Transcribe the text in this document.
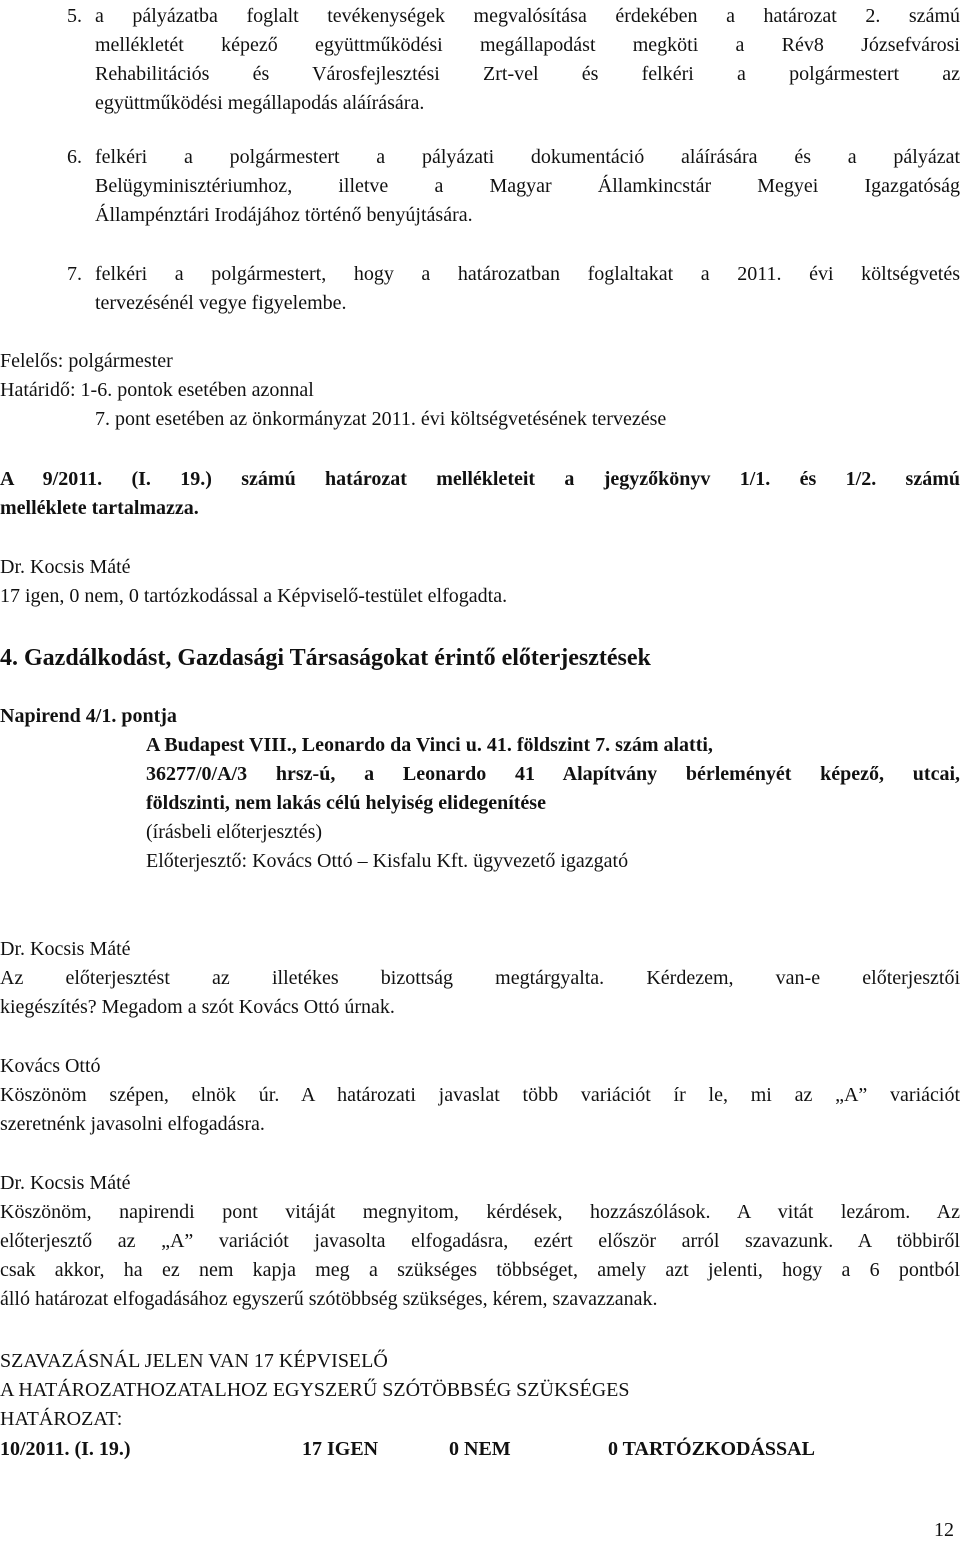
5. a pályázatba foglalt tevékenységek megvalósítása érdekében a határozat 2. számú
mellékletét képező együttműködési megállapodást megköti a Rév8 Józsefvárosi
Rehabilitációs és Városfejlesztési Zrt-vel és felkéri a polgármestert az
együttműködési megállapodás aláírására.
6. felkéri a polgármestert a pályázati dokumentáció aláírására és a pályázat
Belügyminisztériumhoz, illetve a Magyar Államkincstár Megyei Igazgatóság
Állampénztári Irodájához történő benyújtására.
7. felkéri a polgármestert, hogy a határozatban foglaltakat a 2011. évi költségvetés
tervezésénél vegye figyelembe.
Felelős: polgármester
Határidő: 1-6. pontok esetében azonnal
7. pont esetében az önkormányzat 2011. évi költségvetésének tervezése
A 9/2011. (I. 19.) számú határozat mellékleteit a jegyzőkönyv 1/1. és 1/2. számú
melléklete tartalmazza.
Dr. Kocsis Máté
17 igen, 0 nem, 0 tartózkodással a Képviselő-testület elfogadta.
4. Gazdálkodást, Gazdasági Társaságokat érintő előterjesztések
Napirend 4/1. pontja
A Budapest VIII., Leonardo da Vinci u. 41. földszint 7. szám alatti,
36277/0/A/3 hrsz-ú, a Leonardo 41 Alapítvány bérleményét képező, utcai,
földszinti, nem lakás célú helyiség elidegenítése
(írásbeli előterjesztés)
Előterjesztő: Kovács Ottó – Kisfalu Kft. ügyvezető igazgató
Dr. Kocsis Máté
Az előterjesztést az illetékes bizottság megtárgyalta. Kérdezem, van-e előterjesztői
kiegészítés? Megadom a szót Kovács Ottó úrnak.
Kovács Ottó
Köszönöm szépen, elnök úr. A határozati javaslat több variációt ír le, mi az „A” variációt
szeretnénk javasolni elfogadásra.
Dr. Kocsis Máté
Köszönöm, napirendi pont vitáját megnyitom, kérdések, hozzászólások. A vitát lezárom. Az
előterjesztő az „A” variációt javasolta elfogadásra, ezért először arról szavazunk. A többiről
csak akkor, ha ez nem kapja meg a szükséges többséget, amely azt jelenti, hogy a 6 pontból
álló határozat elfogadásához egyszerű szótöbbség szükséges, kérem, szavazzanak.
SZAVAZÁSNÁL JELEN VAN 17 KÉPVISELŐ
A HATÁROZATHOZATALHOZ EGYSZERŰ SZÓTÖBBSÉG SZÜKSÉGES
HATÁROZAT:
10/2011. (I. 19.)	17 IGEN	0 NEM	0 TARTÓZKODÁSSAL
12
